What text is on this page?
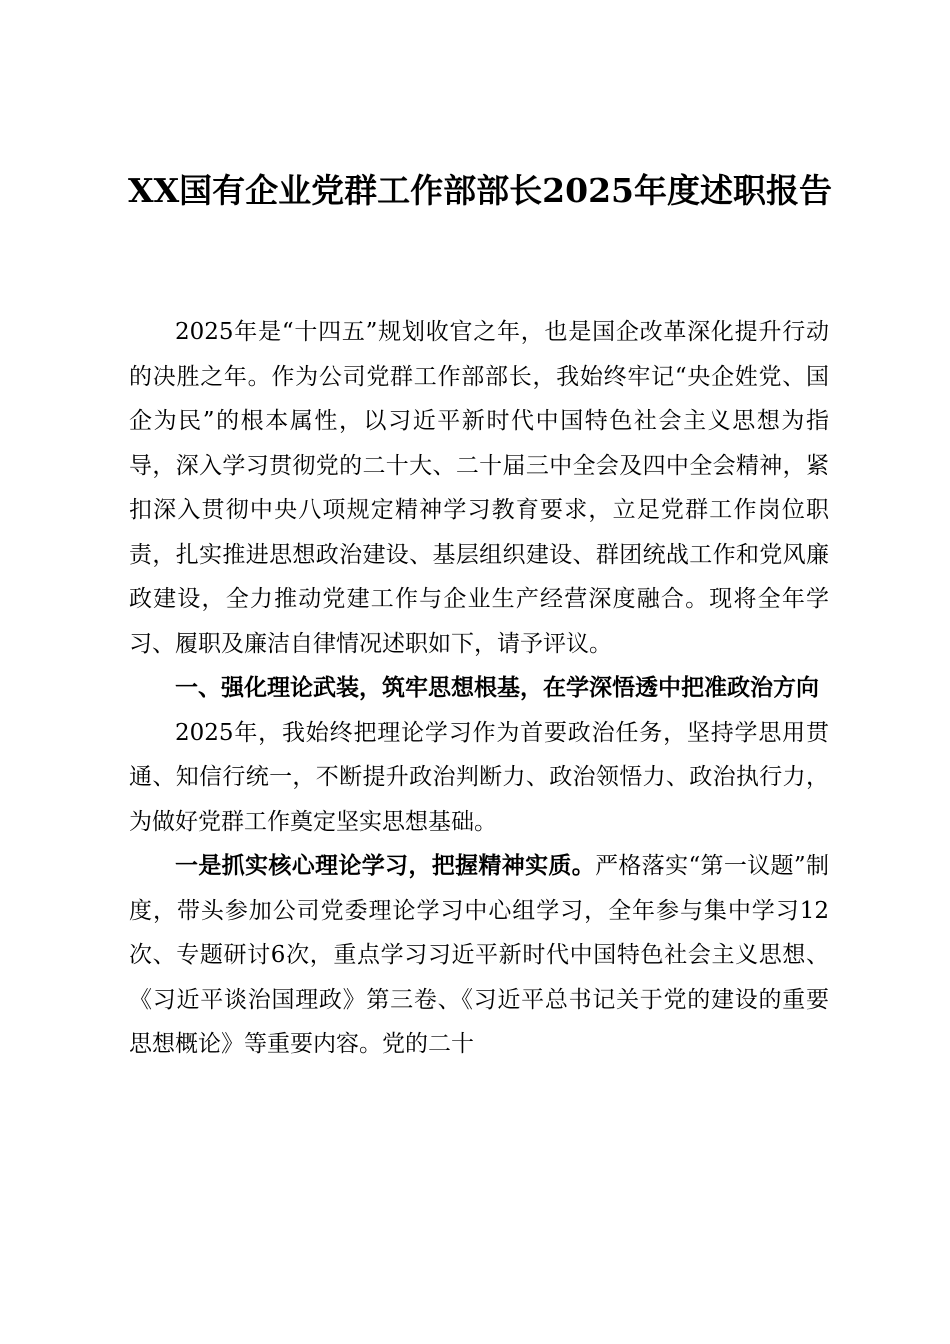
XX国有企业党群工作部部长2025年度述职报告

2025年是“十四五”规划收官之年，也是国企改革深化提升行动的决胜之年。作为公司党群工作部部长，我始终牢记“央企姓党、国企为民”的根本属性，以习近平新时代中国特色社会主义思想为指导，深入学习贯彻党的二十大、二十届三中全会及四中全会精神，紧扣深入贯彻中央八项规定精神学习教育要求，立足党群工作岗位职责，扎实推进思想政治建设、基层组织建设、群团统战工作和党风廉政建设，全力推动党建工作与企业生产经营深度融合。现将全年学习、履职及廉洁自律情况述职如下，请予评议。

一、强化理论武装，筑牢思想根基，在学深悟透中把准政治方向

2025年，我始终把理论学习作为首要政治任务，坚持学思用贯通、知信行统一，不断提升政治判断力、政治领悟力、政治执行力，为做好党群工作奠定坚实思想基础。

一是抓实核心理论学习，把握精神实质。严格落实“第一议题”制度，带头参加公司党委理论学习中心组学习，全年参与集中学习12次、专题研讨6次，重点学习习近平新时代中国特色社会主义思想、《习近平谈治国理政》第三卷、《习近平总书记关于党的建设的重要思想概论》等重要内容。党的二十
